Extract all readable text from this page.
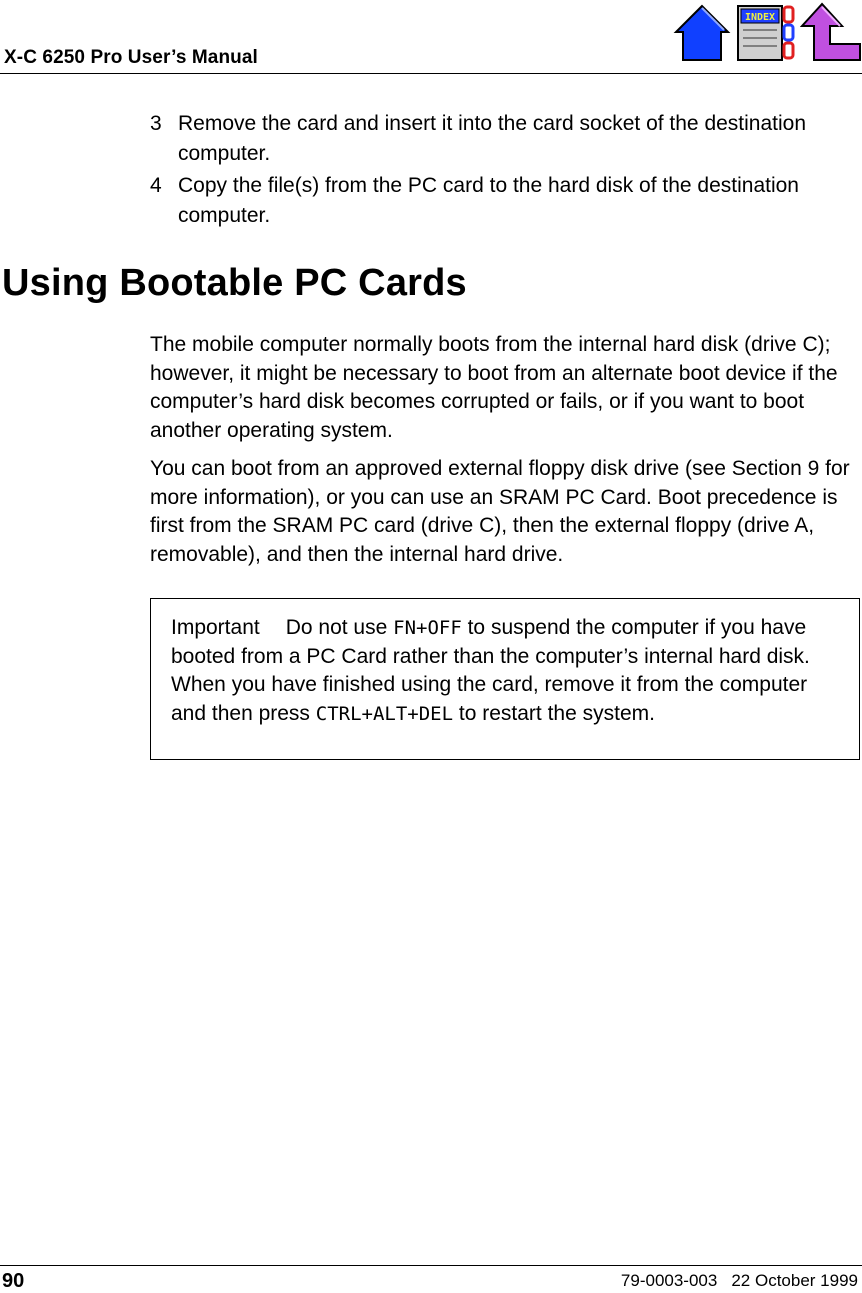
X-C 6250 Pro User’s Manual
INDEX
3 Remove the card and insert it into the card socket of the destination computer.
4 Copy the file(s) from the PC card to the hard disk of the destination computer.
Using Bootable PC Cards
The mobile computer normally boots from the internal hard disk (drive C); however, it might be necessary to boot from an alternate boot device if the computer’s hard disk becomes corrupted or fails, or if you want to boot another operating system.
You can boot from an approved external floppy disk drive (see Section 9 for more information), or you can use an SRAM PC Card. Boot precedence is first from the SRAM PC card (drive C), then the external floppy (drive A, removable), and then the internal hard drive.
Important Do not use FN+OFF to suspend the computer if you have booted from a PC Card rather than the computer’s internal hard disk. When you have finished using the card, remove it from the computer and then press CTRL+ALT+DEL to restart the system.
90	79-0003-003 22 October 1999
